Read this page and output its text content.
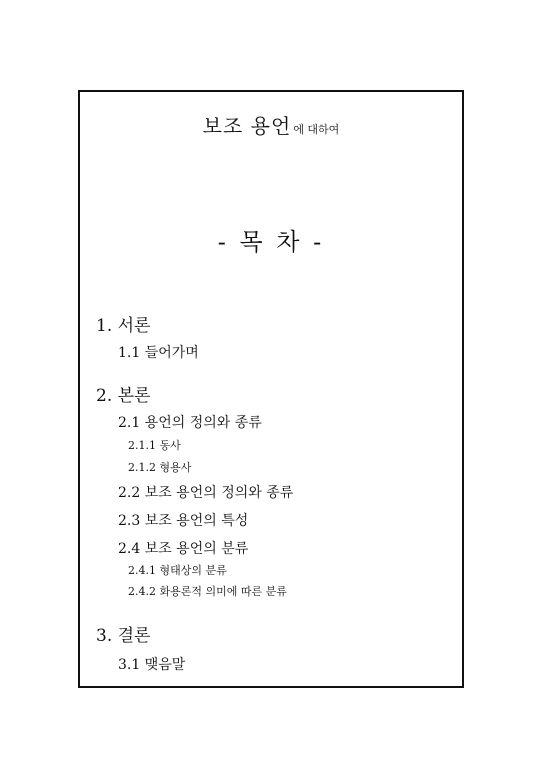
보조 용언 에 대하여
- 목 차 -
1. 서론
1.1 들어가며
2. 본론
2.1 용언의 정의와 종류
2.1.1 동사
2.1.2 형용사
2.2 보조 용언의 정의와 종류
2.3 보조 용언의 특성
2.4 보조 용언의 분류
2.4.1 형태상의 분류
2.4.2 화용론적 의미에 따른 분류
3. 결론
3.1 맺음말
